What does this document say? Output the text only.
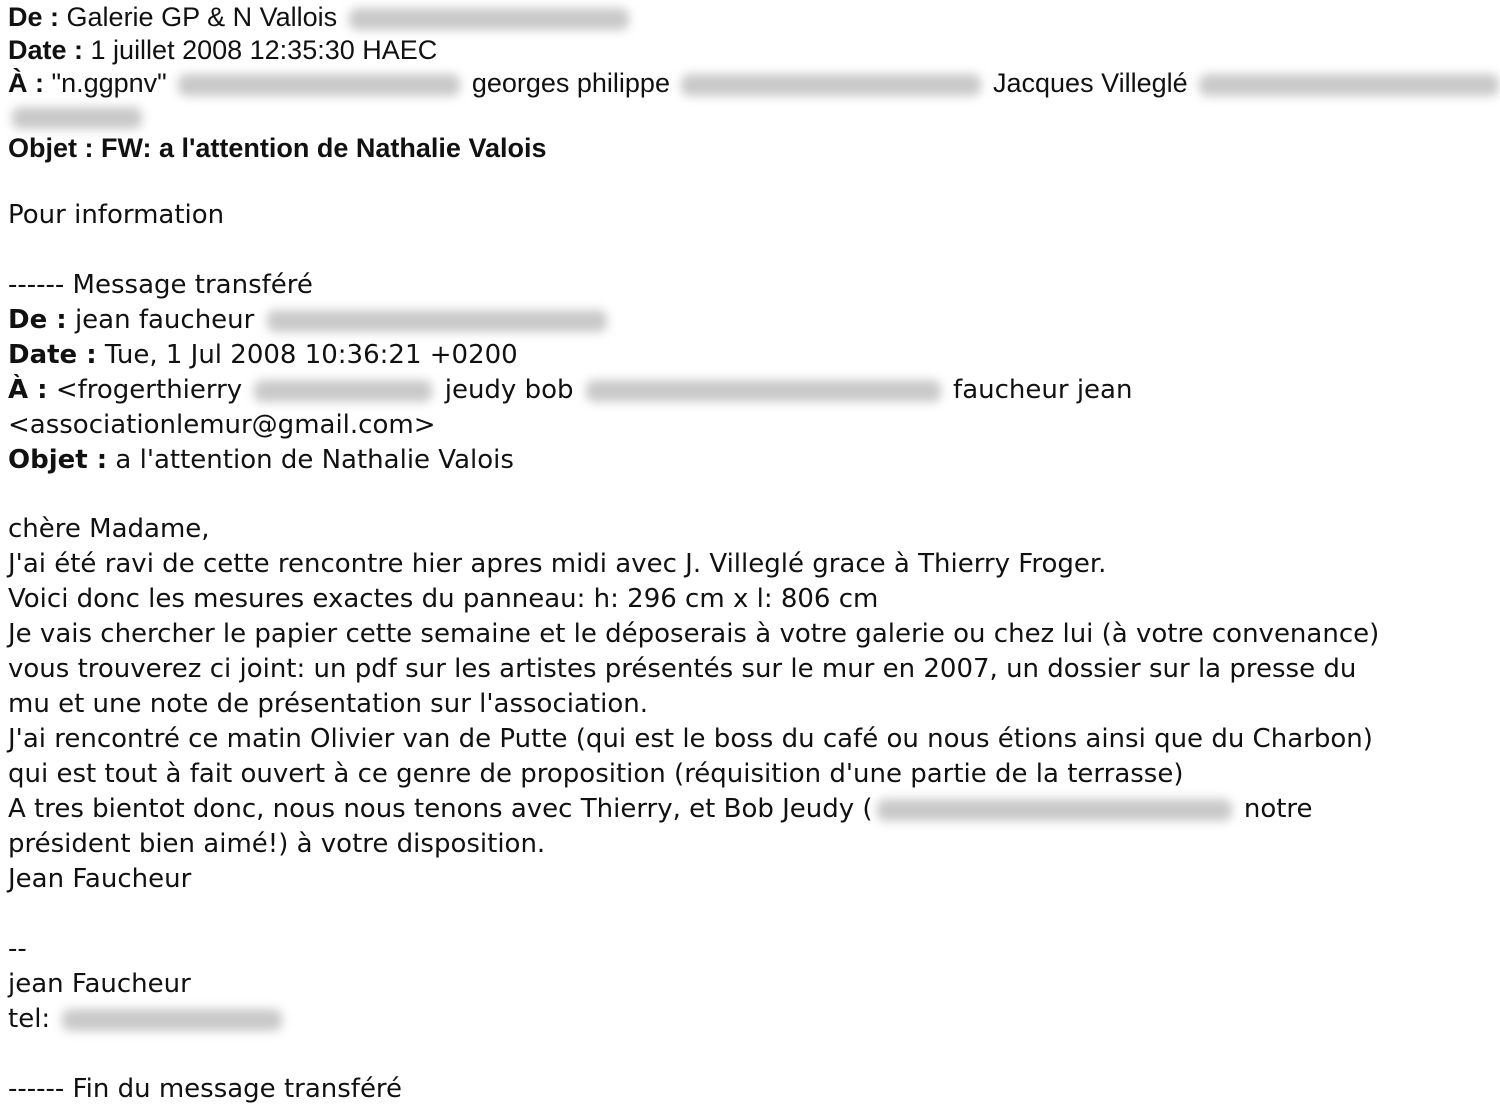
De : Galerie GP & N Vallois
Date : 1 juillet 2008 12:35:30 HAEC
À : "n.ggpnv"	georges philippe	Jacques Villeglé
Objet : FW: a l'attention de Nathalie Valois
Pour information
------ Message transféré
De : jean faucheur
Date : Tue, 1 Jul 2008 10:36:21 +0200
À : <frogerthierry	jeudy bob	faucheur jean
<associationlemur@gmail.com>
Objet : a l'attention de Nathalie Valois
chère Madame,
J'ai été ravi de cette rencontre hier apres midi avec J. Villeglé grace à Thierry Froger.
Voici donc les mesures exactes du panneau: h: 296 cm x l: 806 cm
Je vais chercher le papier cette semaine et le déposerais à votre galerie ou chez lui (à votre convenance)
vous trouverez ci joint: un pdf sur les artistes présentés sur le mur en 2007, un dossier sur la presse du
mu et une note de présentation sur l'association.
J'ai rencontré ce matin Olivier van de Putte (qui est le boss du café ou nous étions ainsi que du Charbon)
qui est tout à fait ouvert à ce genre de proposition (réquisition d'une partie de la terrasse)
A tres bientot donc, nous nous tenons avec Thierry, et Bob Jeudy (	notre
président bien aimé!) à votre disposition.
Jean Faucheur
--
jean Faucheur
tel:
------ Fin du message transféré
